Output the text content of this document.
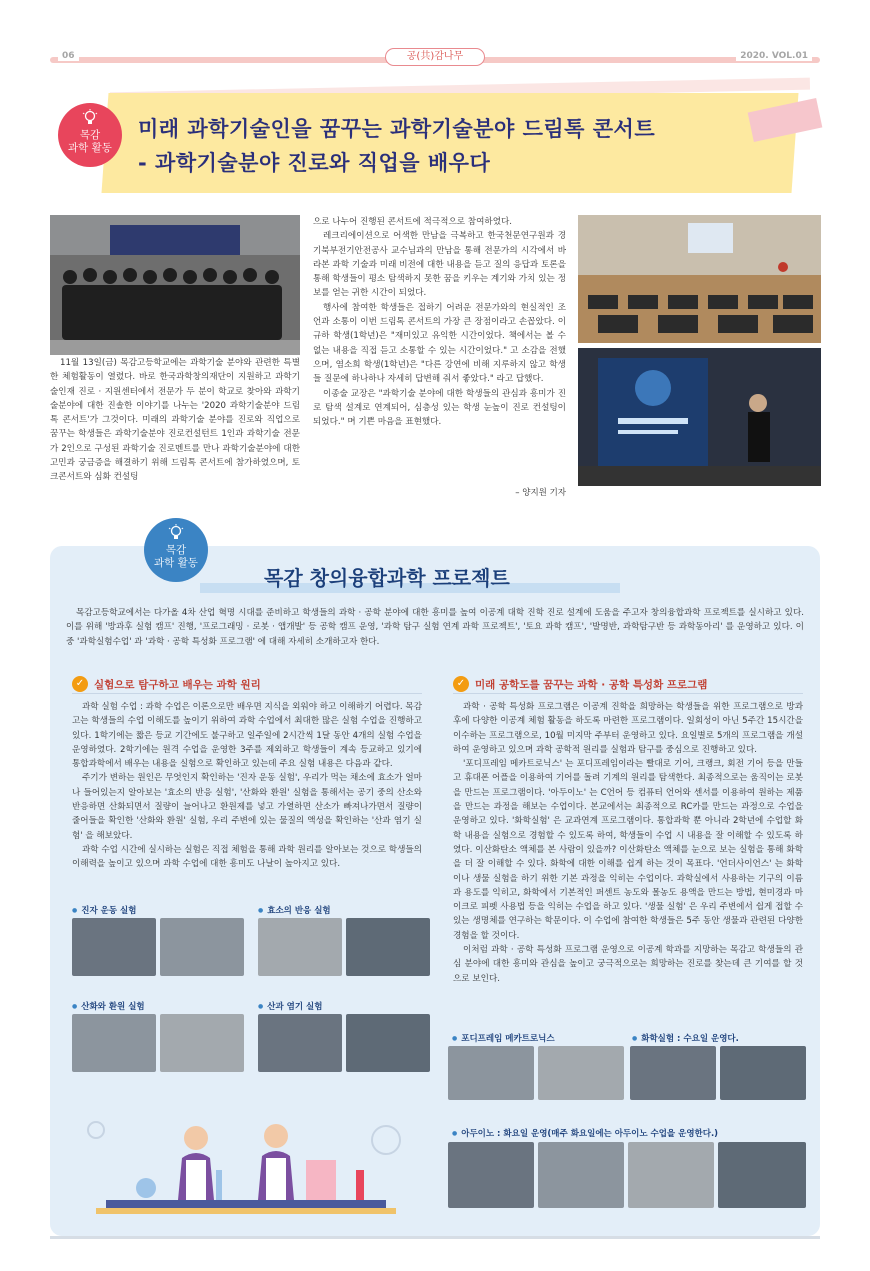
06	공(共)감나무	2020. VOL.01
목감
과학 활동
미래 과학기술인을 꿈꾸는 과학기술분야 드림톡 콘서트
- 과학기술분야 진로와 직업을 배우다

11월 13일(금) 목감고등학교에는 과학기술 분야와 관련한 특별한 체험활동이 열렸다. 바로 한국과학창의재단이 지원하고 과학기술인재 진로 · 지원센터에서 전문가 두 분이 학교로 찾아와 과학기술분야에 대한 진솔한 이야기를 나누는 '2020 과학기술분야 드림톡 콘서트'가 그것이다. 미래의 과학기술 분야를 진로와 직업으로 꿈꾸는 학생들은 과학기술분야 진로컨설턴트 1인과 과학기술 전문가 2인으로 구성된 과학기술 진로멘트를 만나 과학기술분야에 대한 고민과 궁금증을 해결하기 위해 드림톡 콘서트에 참가하였으며, 토크콘서트와 심화 컨설팅

으로 나누어 진행된 콘서트에 적극적으로 참여하였다.

레크리에이션으로 어색한 만남을 극복하고 한국천문연구원과 경기북부전기안전공사 교수님과의 만남을 통해 전문가의 시각에서 바라본 과학 기술과 미래 비전에 대한 내용을 듣고 질의 응답과 토론을 통해 학생들이 평소 탐색하지 못한 꿈을 키우는 계기와 가치 있는 정보를 얻는 귀한 시간이 되었다.

행사에 참여한 학생들은 접하기 어려운 전문가와의 현실적인 조언과 소통이 이번 드림톡 콘서트의 가장 큰 장점이라고 손꼽았다. 이규하 학생(1학년)은 "재미있고 유익한 시간이었다. 책에서는 볼 수 없는 내용을 직접 듣고 소통할 수 있는 시간이었다." 고 소감을 전했으며, 염소희 학생(1학년)은 "다른 강연에 비해 지루하지 않고 학생들 질문에 하나하나 자세히 답변해 줘서 좋았다." 라고 답했다.

이종술 교장은 "과학기술 분야에 대한 학생들의 관심과 흥미가 진로 탐색 설계로 연계되어, 심층성 있는 학생 눈높이 진로 컨설팅이 되었다." 며 기쁜 마음을 표현했다.

– 양지원 기자
목감
과학 활동
목감 창의융합과학 프로젝트
목감고등학교에서는 다가올 4차 산업 혁명 시대를 준비하고 학생들의 과학 · 공학 분야에 대한 흥미를 높여 이공계 대학 진학 진로 설계에 도움을 주고자 창의융합과학 프로젝트를 실시하고 있다. 이를 위해 '방과후 실험 캠프' 진행, '프로그래밍 · 로봇 · 앱개발' 등 공학 캠프 운영, '과학 탐구 실험 연계 과학 프로젝트', '토요 과학 캠프', '발명반, 과학탐구반 등 과학동아리' 를 운영하고 있다. 이 중 '과학실험수업' 과 '과학 · 공학 특성화 프로그램' 에 대해 자세히 소개하고자 한다.
✓ 실험으로 탐구하고 배우는 과학 원리

과학 실험 수업 : 과학 수업은 이론으로만 배우면 지식을 외워야 하고 이해하기 어렵다. 목감고는 학생들의 수업 이해도를 높이기 위하여 과학 수업에서 최대한 많은 실험 수업을 진행하고 있다. 1학기에는 짧은 등교 기간에도 불구하고 일주일에 2시간씩 1달 동안 4개의 실험 수업을 운영하였다. 2학기에는 원격 수업을 운영한 3주를 제외하고 학생들이 계속 등교하고 있기에 통합과학에서 배우는 내용을 실험으로 확인하고 있는데 주요 실험 내용은 다음과 같다.

주기가 변하는 원인은 무엇인지 확인하는 '진자 운동 실험', 우리가 먹는 채소에 효소가 얼마나 들어있는지 알아보는 '효소의 반응 실험', '산화와 환원' 실험을 통해서는 공기 중의 산소와 반응하면 산화되면서 질량이 늘어나고 환원제를 넣고 가열하면 산소가 빠져나가면서 질량이 줄어들을 확인한 '산화와 환원' 실험, 우리 주변에 있는 물질의 액성을 확인하는 '산과 염기 실험' 을 해보았다.

과학 수업 시간에 실시하는 실험은 직접 체험을 통해 과학 원리를 알아보는 것으로 학생들의 이해력을 높이고 있으며 과학 수업에 대한 흥미도 나날이 높아지고 있다.

● 진자 운동 실험	● 효소의 반응 실험
● 산화와 환원 실험	● 산과 염기 실험
✓ 미래 공학도를 꿈꾸는 과학 · 공학 특성화 프로그램

과학 · 공학 특성화 프로그램은 이공계 진학을 희망하는 학생들을 위한 프로그램으로 방과 후에 다양한 이공계 체험 활동을 하도록 마련한 프로그램이다. 일회성이 아닌 5주간 15시간을 이수하는 프로그램으로, 10월 미지막 주부터 운영하고 있다. 요일별로 5개의 프로그램을 개설하여 운영하고 있으며 과학 공학적 원리를 실험과 탐구를 중심으로 진행하고 있다.

'포디프레임 메카트로닉스' 는 포디프레임이라는 빨대로 기어, 크랭크, 회전 기어 등을 만들고 휴대폰 어플을 이용하여 기어를 돌려 기계의 원리를 탐색한다. 최종적으로는 움직이는 로봇을 만드는 프로그램이다. '아두이노' 는 C언어 등 컴퓨터 언어와 센서를 이용하여 원하는 제품을 만드는 과정을 해보는 수업이다. 본교에서는 최종적으로 RC카를 만드는 과정으로 수업을 운영하고 있다. '화학실험' 은 교과연계 프로그램이다. 통합과학 뿐 아니라 2학년에 수업할 화학 내용을 실험으로 경험할 수 있도록 하여, 학생들이 수업 시 내용을 잘 이해할 수 있도록 하였다. 이산화탄소 액체를 본 사람이 있을까? 이산화탄소 액체를 눈으로 보는 실험을 통해 화학을 더 잘 이해할 수 있다. 화학에 대한 이해를 쉽게 하는 것이 목표다. '언더사이언스' 는 화학이나 생물 실험을 하기 위한 기본 과정을 익히는 수업이다. 과학실에서 사용하는 기구의 이름과 용도를 익히고, 화학에서 기본적인 퍼센트 농도와 몰농도 용액을 만드는 방법, 현미경과 마이크로 피펫 사용법 등을 익히는 수업을 하고 있다. '생물 실험' 은 우리 주변에서 쉽게 접할 수 있는 생명체를 연구하는 학문이다. 이 수업에 참여한 학생들은 5주 동안 생물과 관련된 다양한 경험을 할 것이다.

이처럼 과학 · 공학 특성화 프로그램 운영으로 이공계 학과를 지망하는 목감고 학생들의 관심 분야에 대한 흥미와 관심을 높이고 궁극적으로는 희망하는 진로를 찾는데 큰 기여를 할 것으로 보인다.

● 포디프레임 메카트로닉스	● 화학실험 : 수요일 운영다.
● 아두이노 : 화요일 운영(매주 화요일에는 아두이노 수업을 운영한다.)
